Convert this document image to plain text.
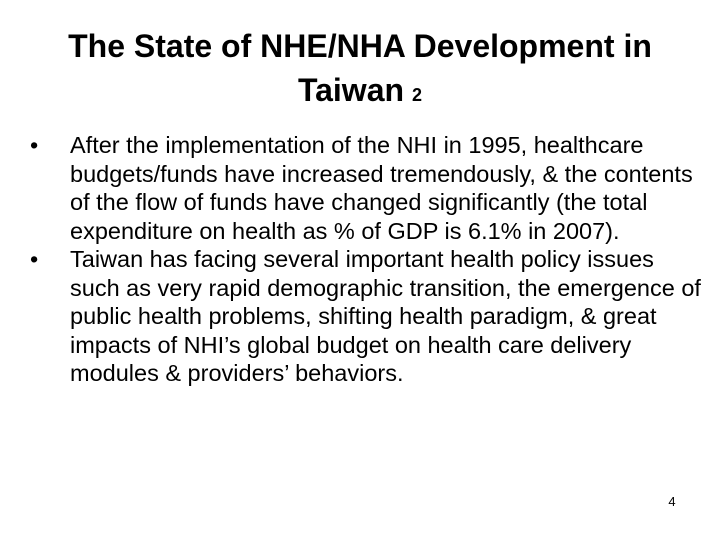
The State of NHE/NHA Development in Taiwan 2
•	After the implementation of the NHI in 1995, healthcare budgets/funds have increased tremendously, & the contents of the flow of funds have changed significantly (the total expenditure on health as % of GDP is 6.1% in 2007).
•	Taiwan has facing several important health policy issues such as very rapid demographic transition, the emergence of public health problems, shifting health paradigm, & great impacts of NHI’s global budget on health care delivery modules & providers’ behaviors.
4
